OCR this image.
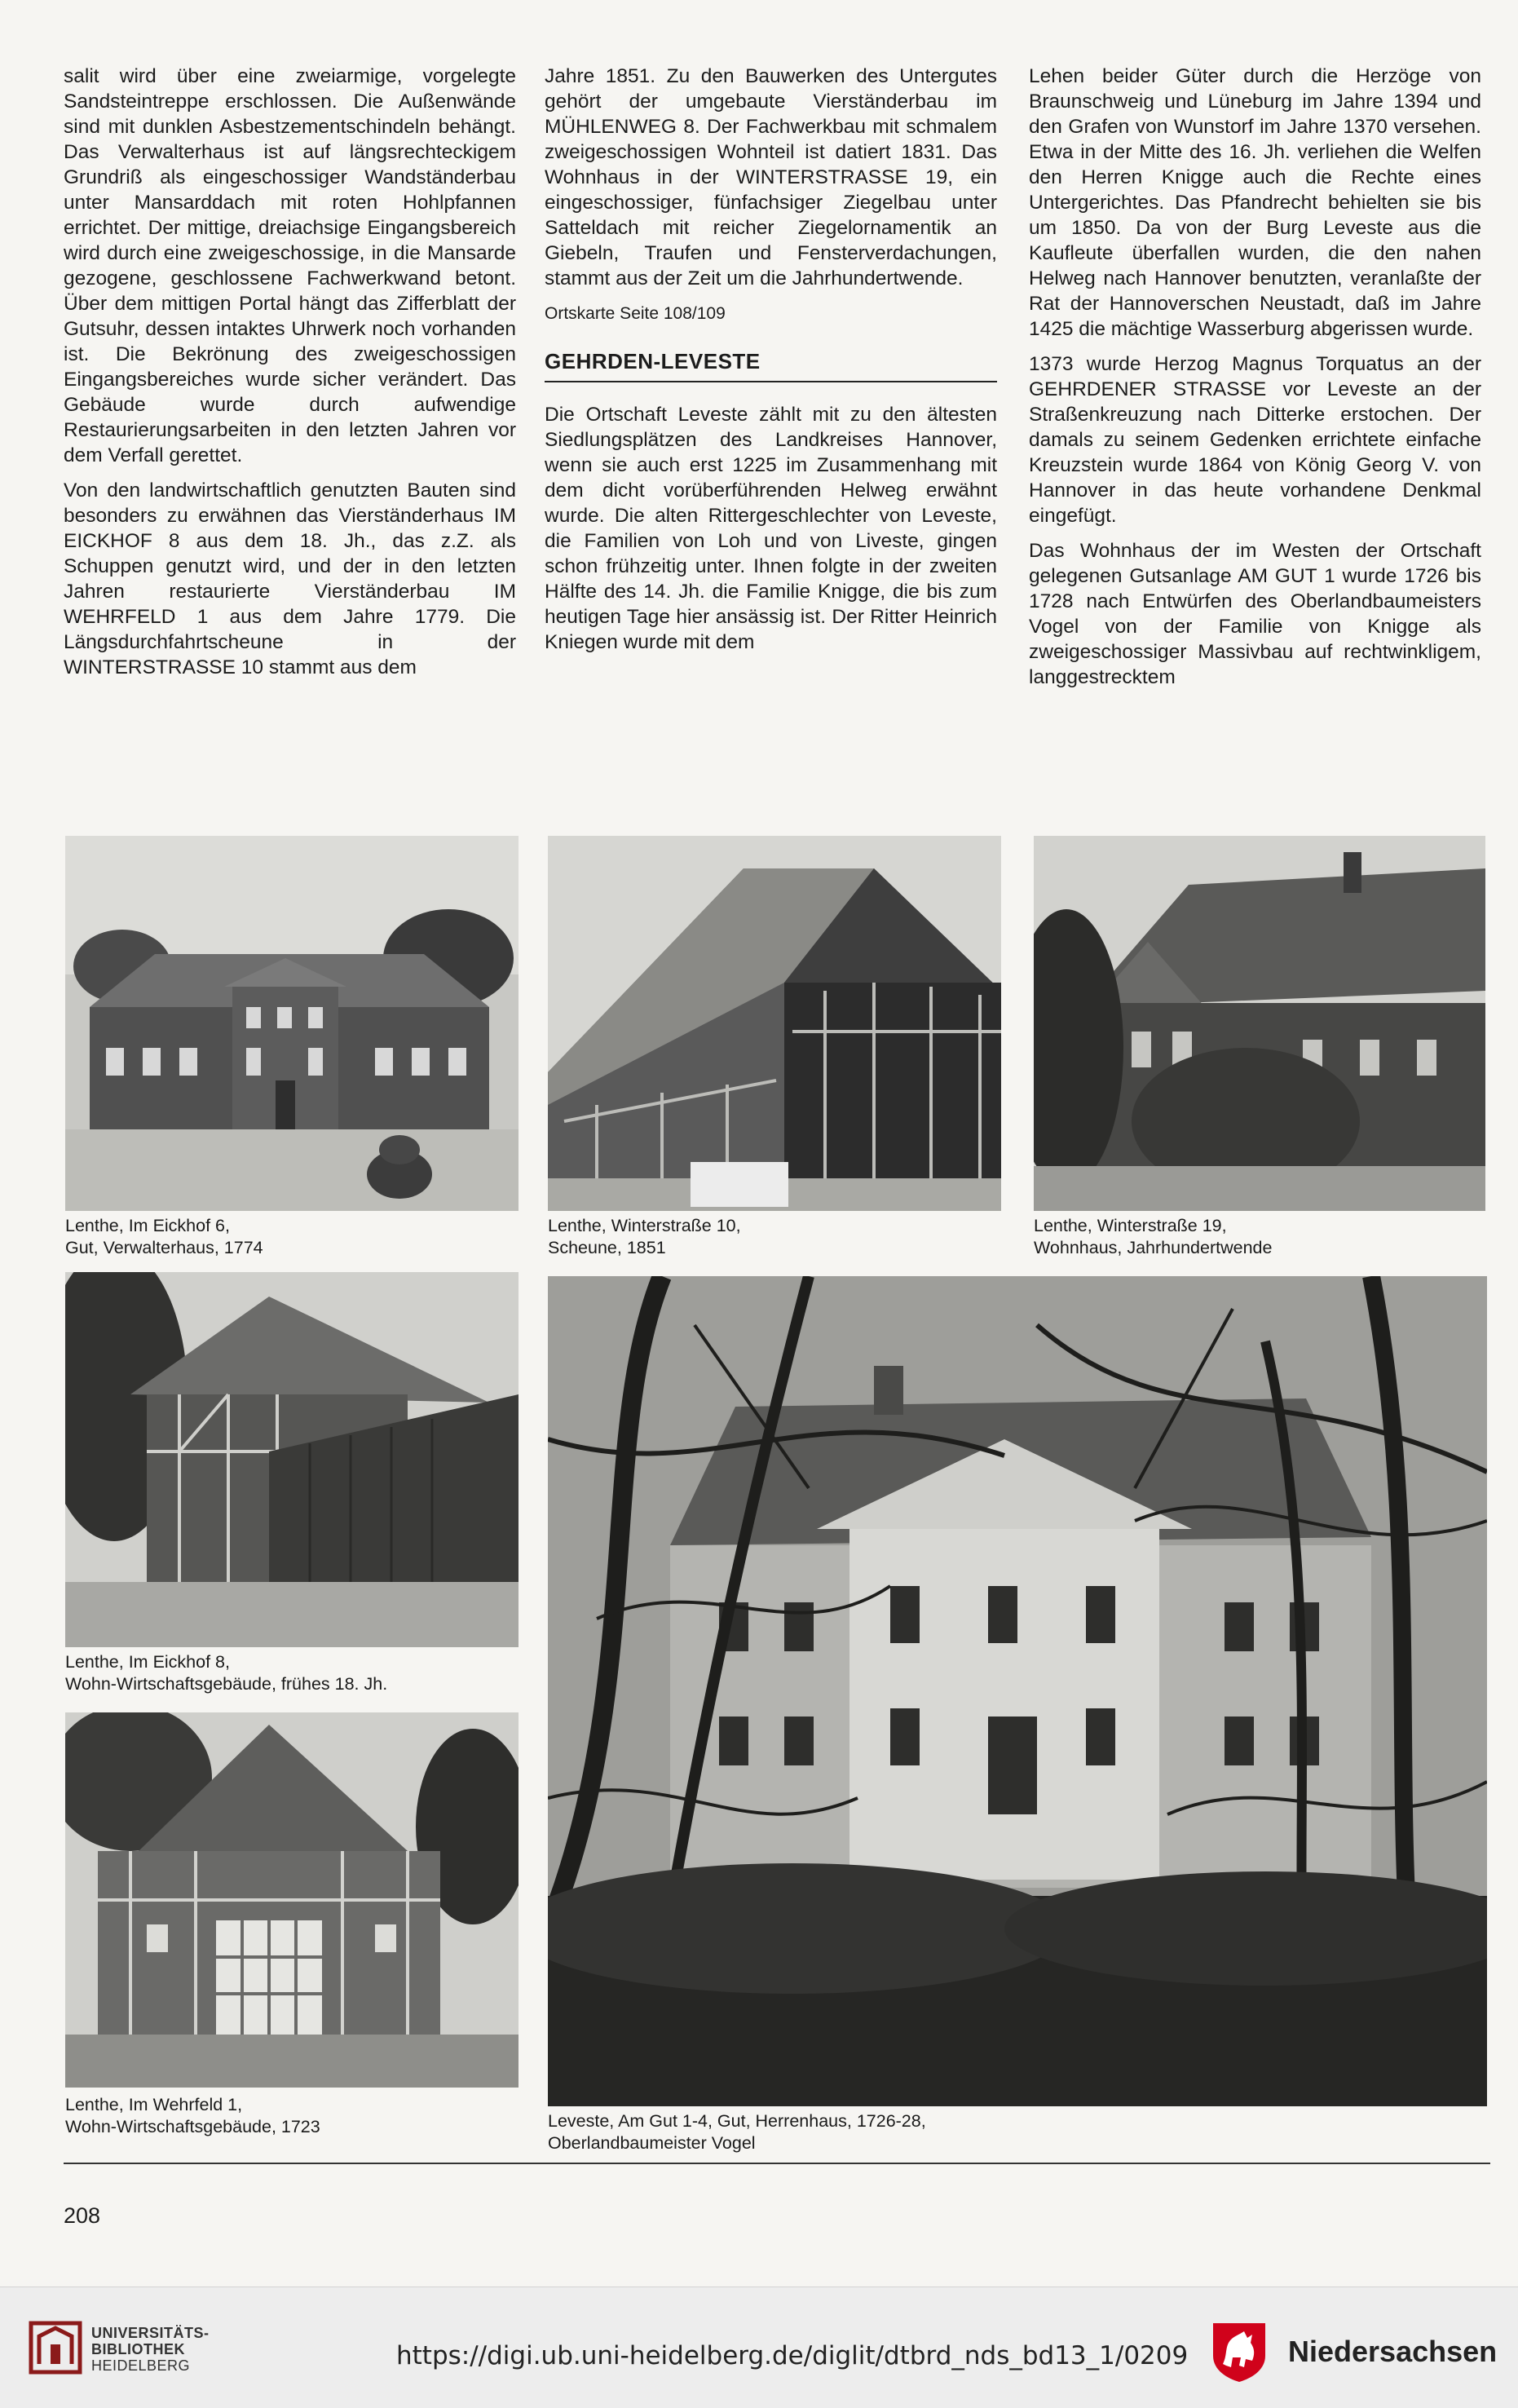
salit wird über eine zweiarmige, vorgelegte Sandsteintreppe erschlossen. Die Außenwände sind mit dunklen Asbestzementschindeln behängt. Das Verwalterhaus ist auf längsrechteckigem Grundriß als eingeschossiger Wandständerbau unter Mansarddach mit roten Hohlpfannen errichtet. Der mittige, dreiachsige Eingangsbereich wird durch eine zweigeschossige, in die Mansarde gezogene, geschlossene Fachwerkwand betont. Über dem mittigen Portal hängt das Zifferblatt der Gutsuhr, dessen intaktes Uhrwerk noch vorhanden ist. Die Bekrönung des zweigeschossigen Eingangsbereiches wurde sicher verändert. Das Gebäude wurde durch aufwendige Restaurierungsarbeiten in den letzten Jahren vor dem Verfall gerettet.

Von den landwirtschaftlich genutzten Bauten sind besonders zu erwähnen das Vierständerhaus IM EICKHOF 8 aus dem 18. Jh., das z.Z. als Schuppen genutzt wird, und der in den letzten Jahren restaurierte Vierständerbau IM WEHRFELD 1 aus dem Jahre 1779. Die Längsdurchfahrtscheune in der WINTERSTRASSE 10 stammt aus dem

Jahre 1851. Zu den Bauwerken des Untergutes gehört der umgebaute Vierständerbau im MÜHLENWEG 8. Der Fachwerkbau mit schmalem zweigeschossigen Wohnteil ist datiert 1831. Das Wohnhaus in der WINTERSTRASSE 19, ein eingeschossiger, fünfachsiger Ziegelbau unter Satteldach mit reicher Ziegelornamentik an Giebeln, Traufen und Fensterverdachungen, stammt aus der Zeit um die Jahrhundertwende.

Ortskarte Seite 108/109
GEHRDEN-LEVESTE

Die Ortschaft Leveste zählt mit zu den ältesten Siedlungsplätzen des Landkreises Hannover, wenn sie auch erst 1225 im Zusammenhang mit dem dicht vorüberführenden Helweg erwähnt wurde. Die alten Rittergeschlechter von Leveste, die Familien von Loh und von Liveste, gingen schon frühzeitig unter. Ihnen folgte in der zweiten Hälfte des 14. Jh. die Familie Knigge, die bis zum heutigen Tage hier ansässig ist. Der Ritter Heinrich Kniegen wurde mit dem

Lehen beider Güter durch die Herzöge von Braunschweig und Lüneburg im Jahre 1394 und den Grafen von Wunstorf im Jahre 1370 versehen. Etwa in der Mitte des 16. Jh. verliehen die Welfen den Herren Knigge auch die Rechte eines Untergerichtes. Das Pfandrecht behielten sie bis um 1850. Da von der Burg Leveste aus die Kaufleute überfallen wurden, die den nahen Helweg nach Hannover benutzten, veranlaßte der Rat der Hannoverschen Neustadt, daß im Jahre 1425 die mächtige Wasserburg abgerissen wurde.

1373 wurde Herzog Magnus Torquatus an der GEHRDENER STRASSE vor Leveste an der Straßenkreuzung nach Ditterke erstochen. Der damals zu seinem Gedenken errichtete einfache Kreuzstein wurde 1864 von König Georg V. von Hannover in das heute vorhandene Denkmal eingefügt.

Das Wohnhaus der im Westen der Ortschaft gelegenen Gutsanlage AM GUT 1 wurde 1726 bis 1728 nach Entwürfen des Oberlandbaumeisters Vogel von der Familie von Knigge als zweigeschossiger Massivbau auf rechtwinkligem, langgestrecktem

Lenthe, Im Eickhof 6,
Gut, Verwalterhaus, 1774
Lenthe, Winterstraße 10,
Scheune, 1851
Lenthe, Winterstraße 19,
Wohnhaus, Jahrhundertwende
Lenthe, Im Eickhof 8,
Wohn-Wirtschaftsgebäude, frühes 18. Jh.
Lenthe, Im Wehrfeld 1,
Wohn-Wirtschaftsgebäude, 1723	Leveste, Am Gut 1-4, Gut, Herrenhaus, 1726-28,
Oberlandbaumeister Vogel
208
UNIVERSITÄTS-
BIBLIOTHEK
HEIDELBERG	https://digi.ub.uni-heidelberg.de/diglit/dtbrd_nds_bd13_1/0209	Niedersachsen
